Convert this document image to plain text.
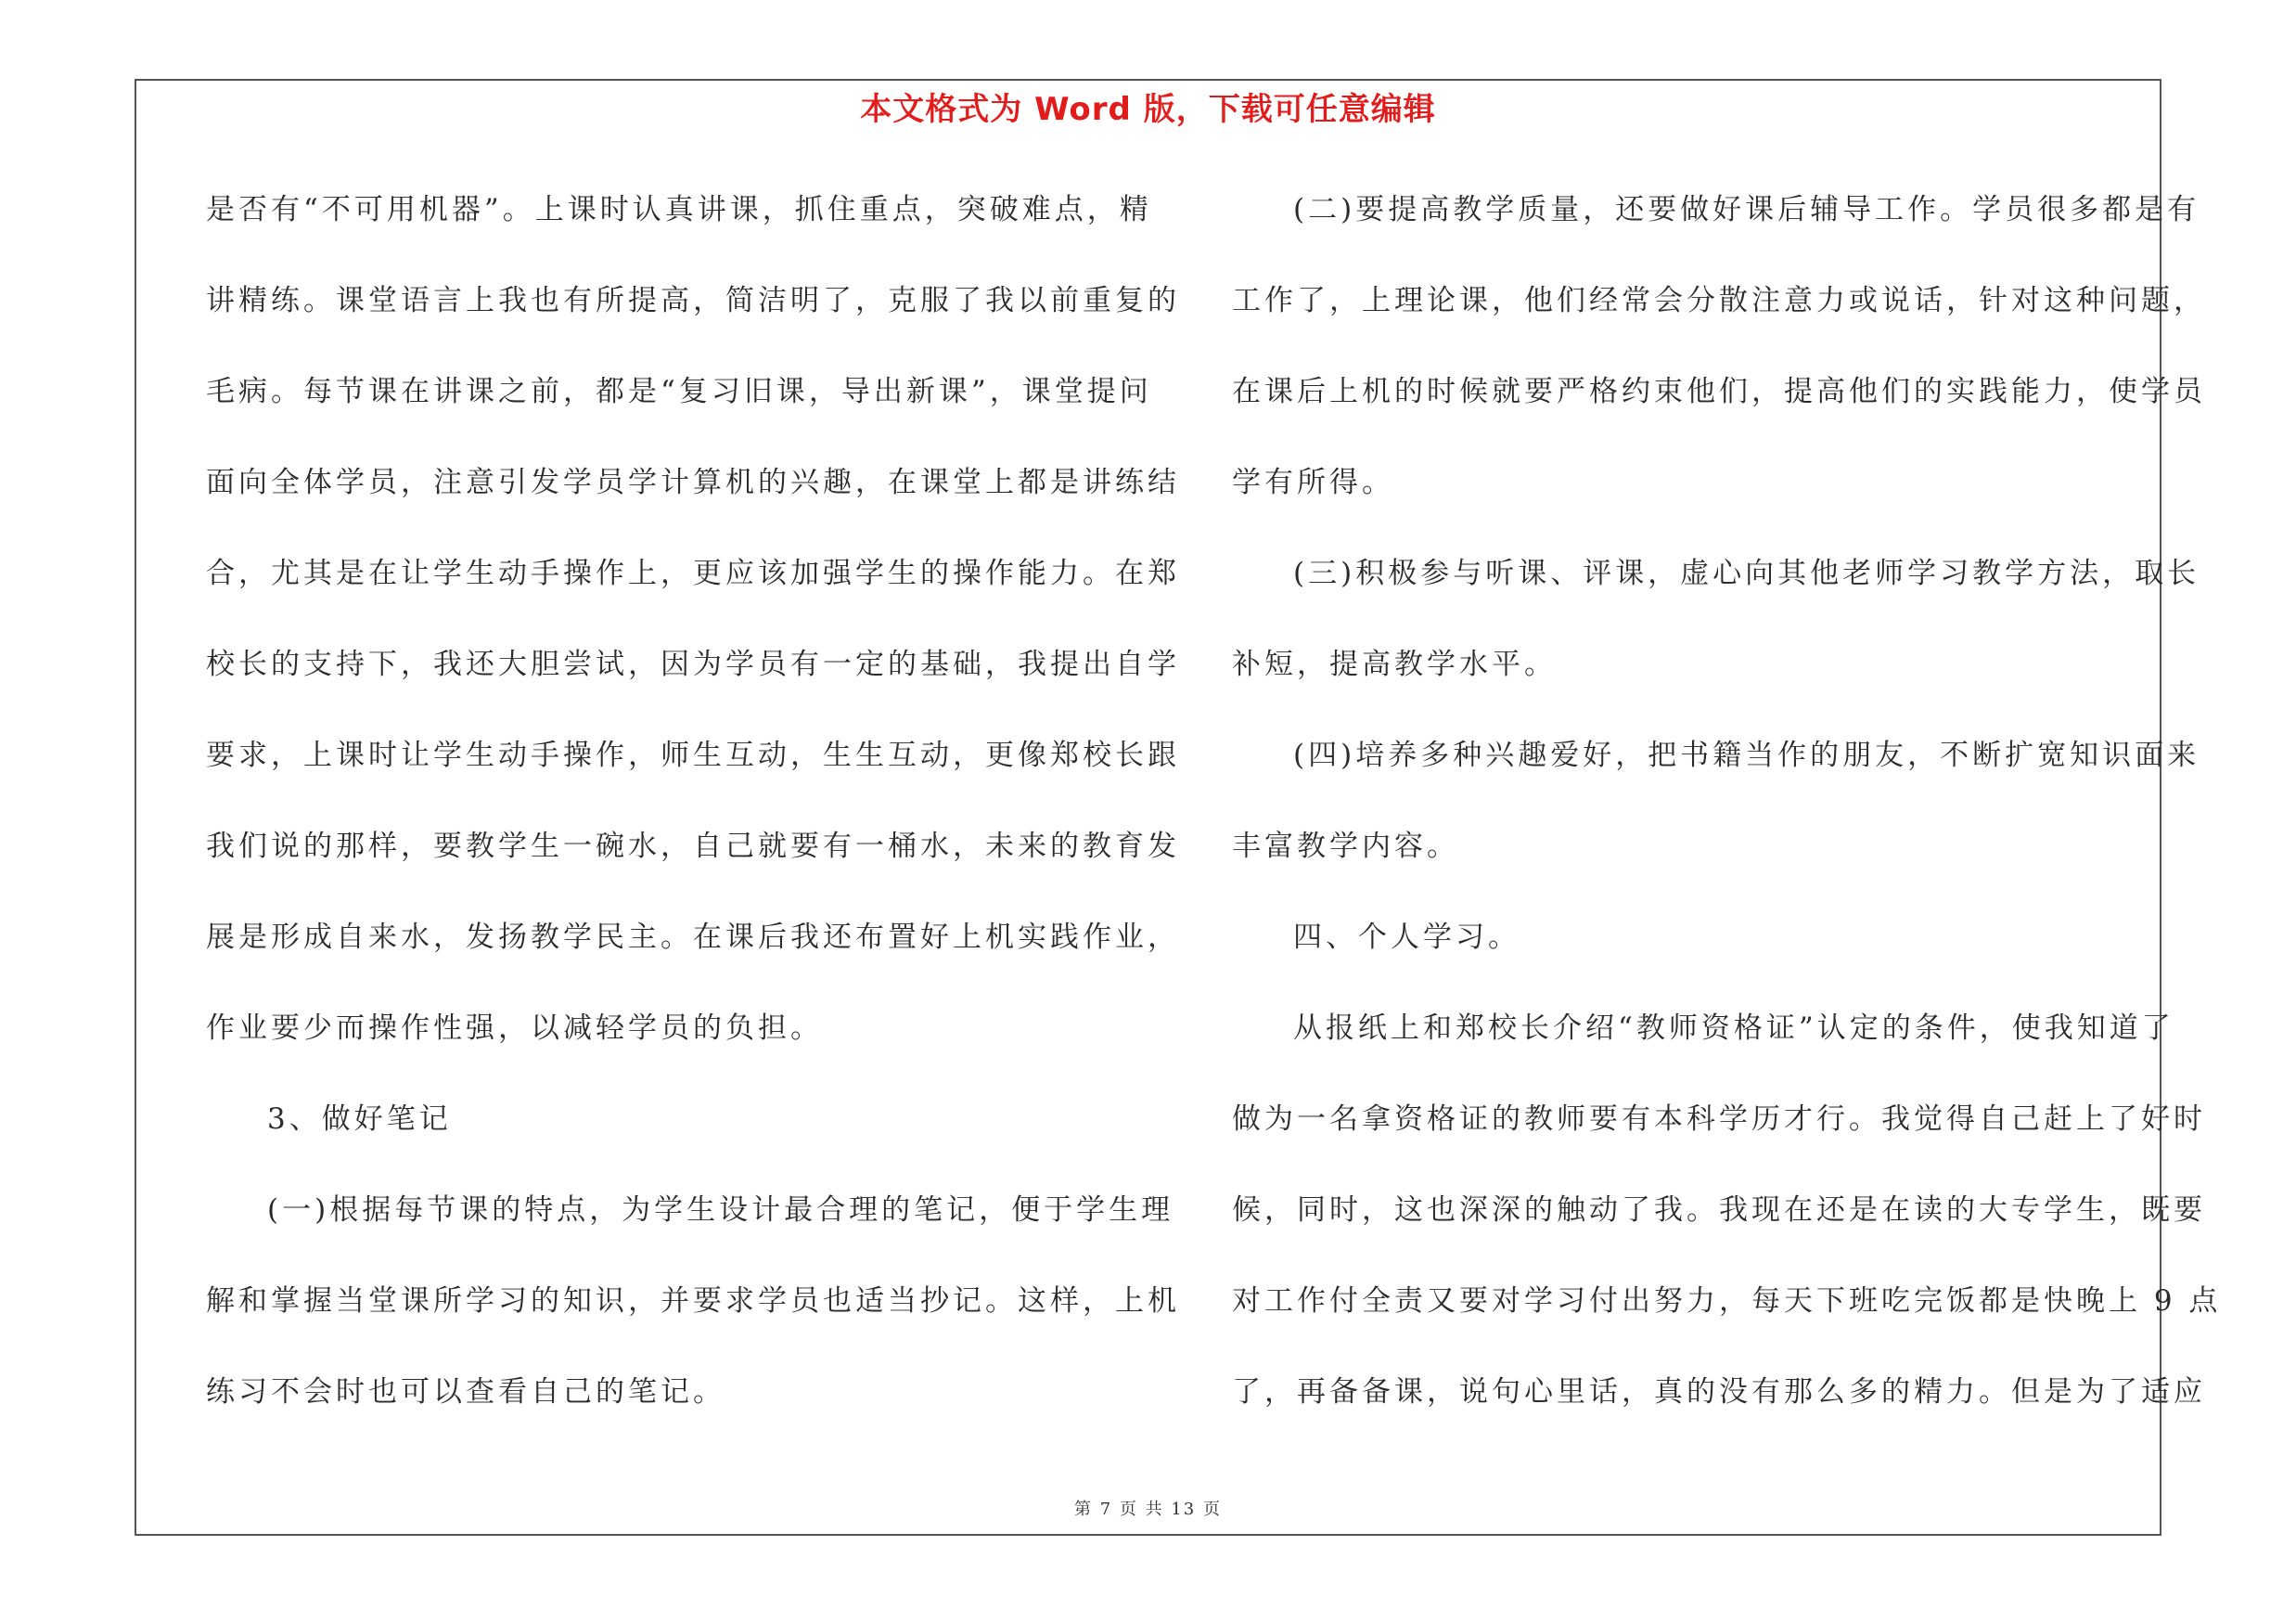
本文格式为 Word 版，下载可任意编辑
是否有“不可用机器”。上课时认真讲课，抓住重点，突破难点，精
讲精练。课堂语言上我也有所提高，简洁明了，克服了我以前重复的
毛病。每节课在讲课之前，都是“复习旧课，导出新课”，课堂提问
面向全体学员，注意引发学员学计算机的兴趣，在课堂上都是讲练结
合，尤其是在让学生动手操作上，更应该加强学生的操作能力。在郑
校长的支持下，我还大胆尝试，因为学员有一定的基础，我提出自学
要求，上课时让学生动手操作，师生互动，生生互动，更像郑校长跟
我们说的那样，要教学生一碗水，自己就要有一桶水，未来的教育发
展是形成自来水，发扬教学民主。在课后我还布置好上机实践作业，
作业要少而操作性强，以减轻学员的负担。
3、做好笔记
(一)根据每节课的特点，为学生设计最合理的笔记，便于学生理
解和掌握当堂课所学习的知识，并要求学员也适当抄记。这样，上机
练习不会时也可以查看自己的笔记。
(二)要提高教学质量，还要做好课后辅导工作。学员很多都是有
工作了，上理论课，他们经常会分散注意力或说话，针对这种问题，
在课后上机的时候就要严格约束他们，提高他们的实践能力，使学员
学有所得。
(三)积极参与听课、评课，虚心向其他老师学习教学方法，取长
补短，提高教学水平。
(四)培养多种兴趣爱好，把书籍当作的朋友，不断扩宽知识面来
丰富教学内容。
四、个人学习。
从报纸上和郑校长介绍“教师资格证”认定的条件，使我知道了
做为一名拿资格证的教师要有本科学历才行。我觉得自己赶上了好时
候，同时，这也深深的触动了我。我现在还是在读的大专学生，既要
对工作付全责又要对学习付出努力，每天下班吃完饭都是快晚上 9 点
了，再备备课，说句心里话，真的没有那么多的精力。但是为了适应
第 7 页 共 13 页
